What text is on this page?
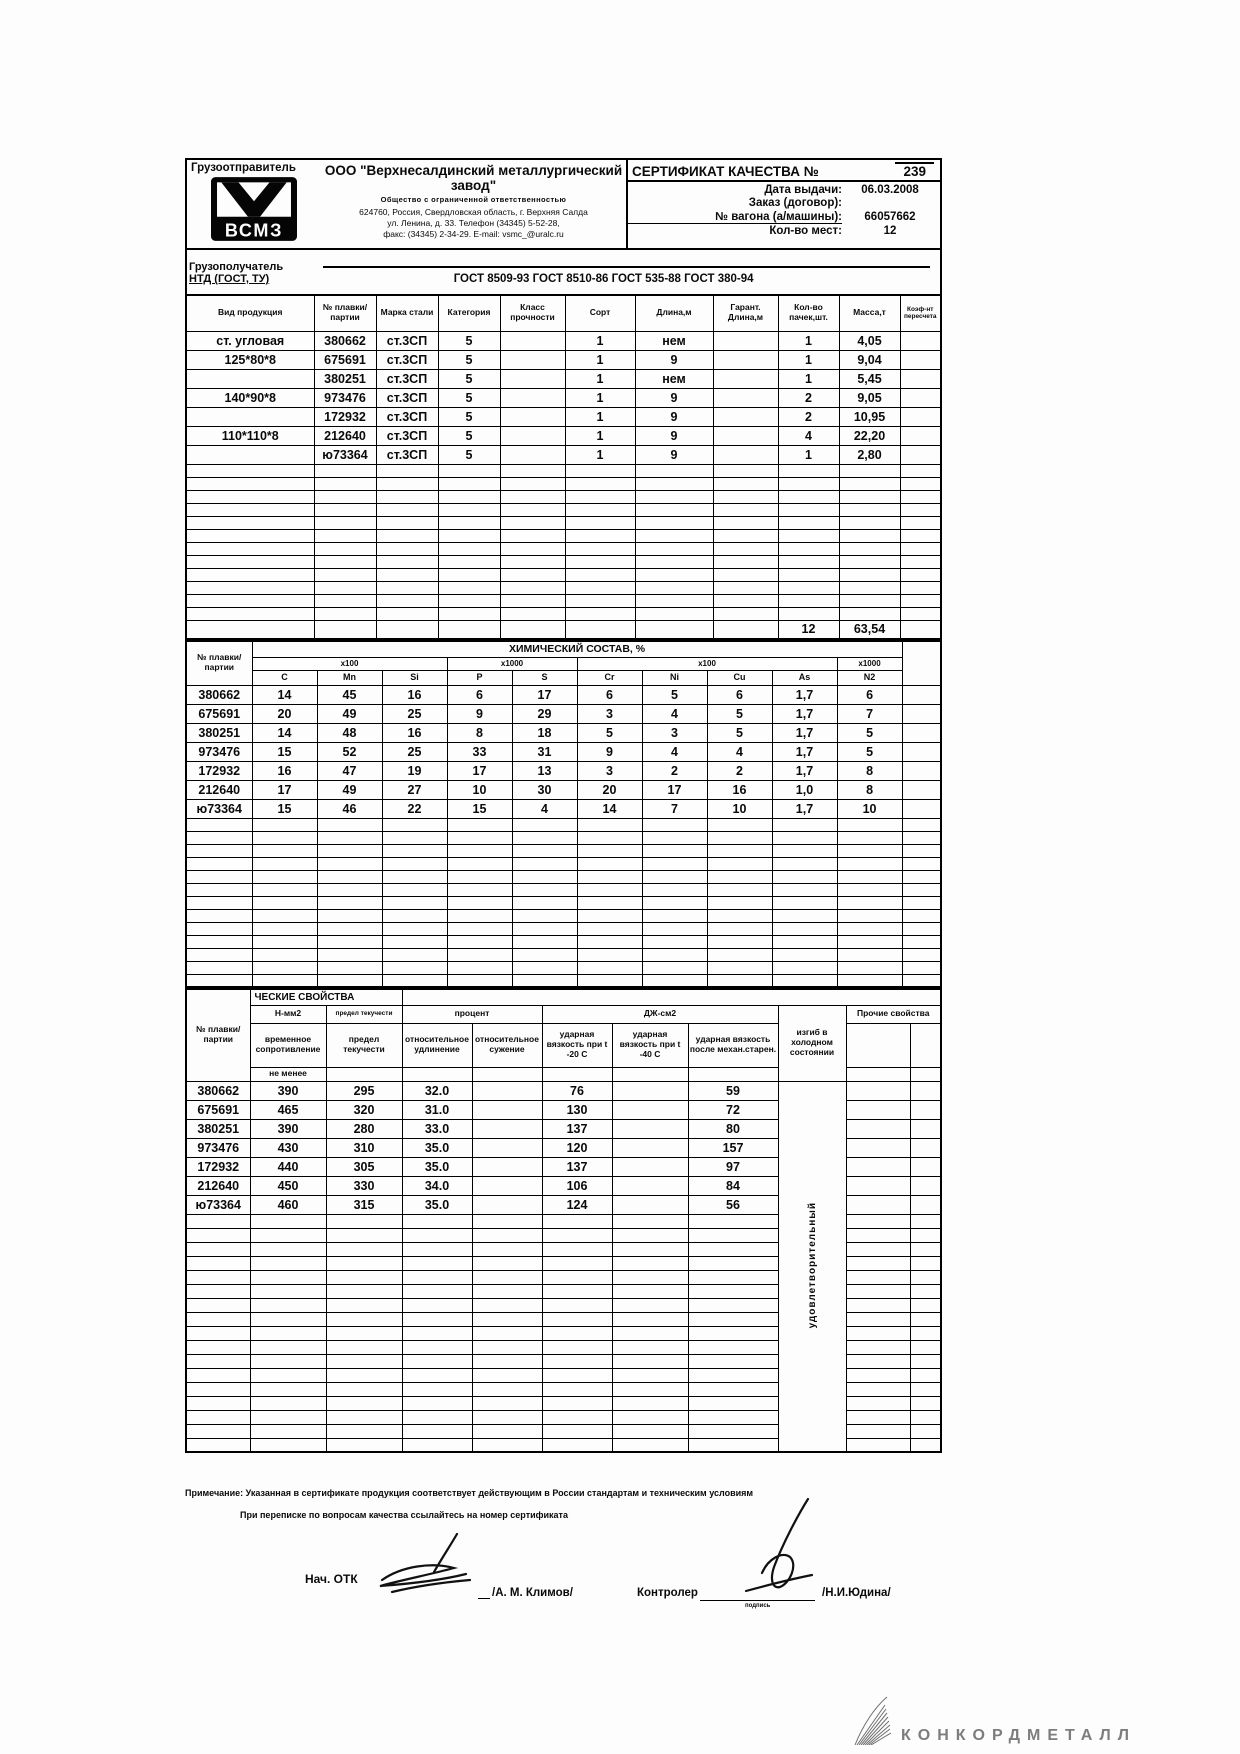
Грузоотправитель
ВСМЗ
ООО "Верхнесалдинский металлургический завод"
Общество с ограниченной ответственностью
624760, Россия, Свердловская область, г. Верхняя Салда
ул. Ленина, д. 33. Телефон (34345) 5-52-28,
факс: (34345) 2-34-29. E-mail: vsmc_@uralc.ru
СЕРТИФИКАТ КАЧЕСТВА №	239
Дата выдачи:	06.03.2008
Заказ (договор):
№ вагона (а/машины):	66057662
Кол-во мест:	12
Грузополучатель
НТД (ГОСТ, ТУ)	ГОСТ 8509-93 ГОСТ 8510-86 ГОСТ 535-88 ГОСТ 380-94
Вид продукция	№ плавки/ партии	Марка стали	Категория	Класс прочности	Сорт	Длина,м	Гарант. Длина,м	Кол-во пачек,шт.	Масса,т	Коэф-нт пересчета
ст. угловая	380662	ст.3СП	5		1	нем		1	4,05	
125*80*8	675691	ст.3СП	5		1	9		1	9,04	
	380251	ст.3СП	5		1	нем		1	5,45	
140*90*8	973476	ст.3СП	5		1	9		2	9,05	
	172932	ст.3СП	5		1	9		2	10,95	
110*110*8	212640	ст.3СП	5		1	9		4	22,20	
	ю73364	ст.3СП	5		1	9		1	2,80	

								12	63,54	
№ плавки/ партии	ХИМИЧЕСКИЙ СОСТАВ, %										
	x100			x1000		x100				x1000	
	C	Mn	Si	P	S	Cr	Ni	Cu	As	N2	
380662	14	45	16	6	17	6	5	6	1,7	6	
675691	20	49	25	9	29	3	4	5	1,7	7	
380251	14	48	16	8	18	5	3	5	1,7	5	
973476	15	52	25	33	31	9	4	4	1,7	5	
172932	16	47	19	17	13	3	2	2	1,7	8	
212640	17	49	27	10	30	20	17	16	1,0	8	
ю73364	15	46	22	15	4	14	7	10	1,7	10	

№ плавки/ партии	ЧЕСКИЕ СВОЙСТВА									
	Н-мм2	предел текучести	процент		ДЖ-см2			изгиб в холодном состоянии	Прочие свойства	
	временное сопротивление	предел текучести	относительное удлинение	относительное сужение	ударная вязкость при t -20 С	ударная вязкость при t -40 С	ударная вязкость после механ.старен.			
	не менее									
380662	390	295	32.0		76		59	удовлетворительный		
675691	465	320	31.0		130		72			
380251	390	280	33.0		137		80			
973476	430	310	35.0		120		157			
172932	440	305	35.0		137		97			
212640	450	330	34.0		106		84			
ю73364	460	315	35.0		124		56			

Примечание: Указанная в сертификате продукция соответствует действующим в России стандартам и техническим условиям
При переписке по вопросам качества ссылайтесь на номер сертификата
Нач. ОТК
/А. М. Климов/	Контролер
подпись
/Н.И.Юдина/
КОНКОРДМЕТАЛЛ
